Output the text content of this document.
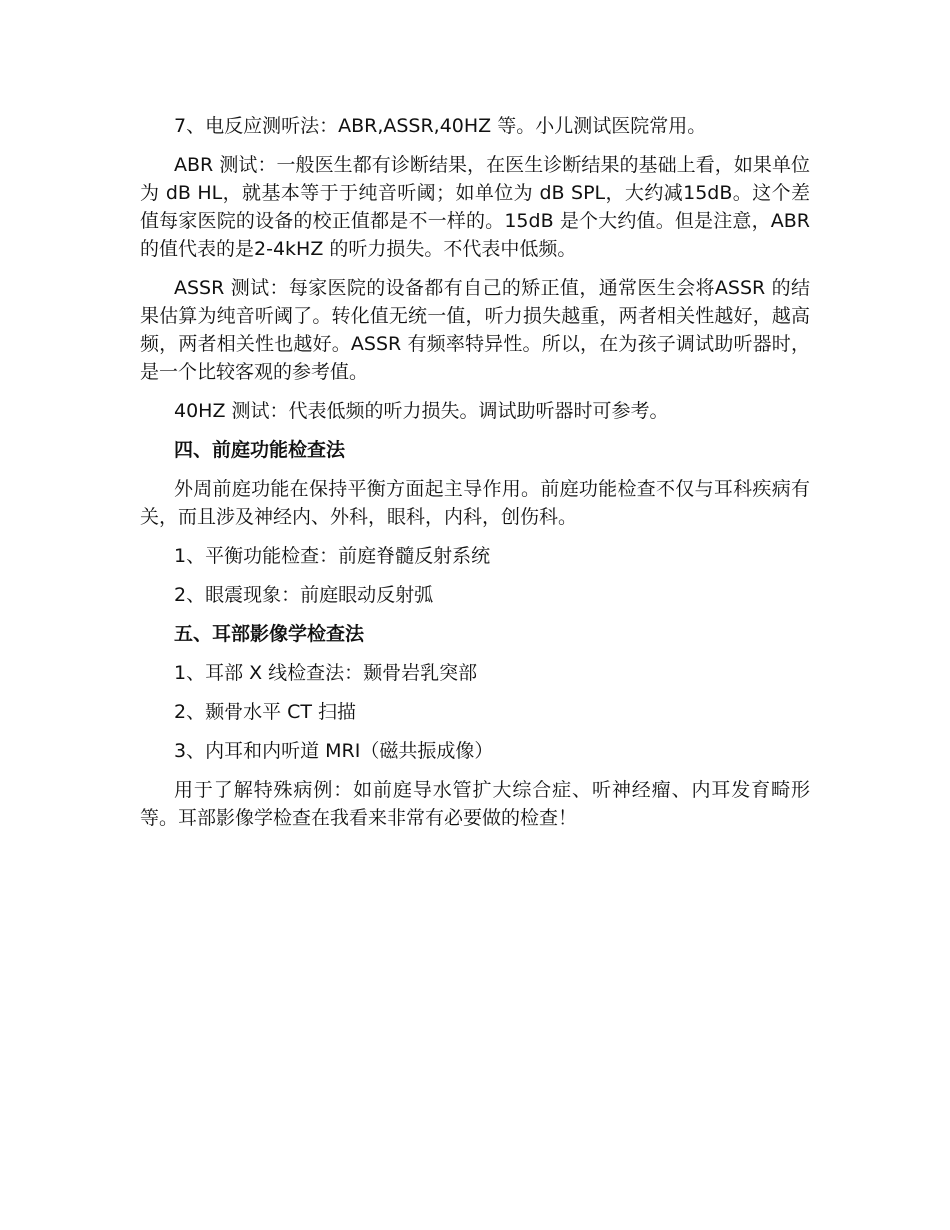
7、电反应测听法：ABR,ASSR,40HZ 等。小儿测试医院常用。

ABR 测试：一般医生都有诊断结果，在医生诊断结果的基础上看，如果单位为 dB HL，就基本等于于纯音听阈；如单位为 dB SPL，大约减15dB。这个差值每家医院的设备的校正值都是不一样的。15dB 是个大约值。但是注意，ABR 的值代表的是2-4kHZ 的听力损失。不代表中低频。

ASSR 测试：每家医院的设备都有自己的矫正值，通常医生会将ASSR 的结果估算为纯音听阈了。转化值无统一值，听力损失越重，两者相关性越好，越高频，两者相关性也越好。ASSR 有频率特异性。所以，在为孩子调试助听器时，是一个比较客观的参考值。

40HZ 测试：代表低频的听力损失。调试助听器时可参考。

四、前庭功能检查法

外周前庭功能在保持平衡方面起主导作用。前庭功能检查不仅与耳科疾病有关，而且涉及神经内、外科，眼科，内科，创伤科。

1、平衡功能检查：前庭脊髓反射系统

2、眼震现象：前庭眼动反射弧

五、耳部影像学检查法

1、耳部 X 线检查法：颞骨岩乳突部

2、颞骨水平 CT 扫描

3、内耳和内听道 MRI（磁共振成像）

用于了解特殊病例：如前庭导水管扩大综合症、听神经瘤、内耳发育畸形等。耳部影像学检查在我看来非常有必要做的检查！
